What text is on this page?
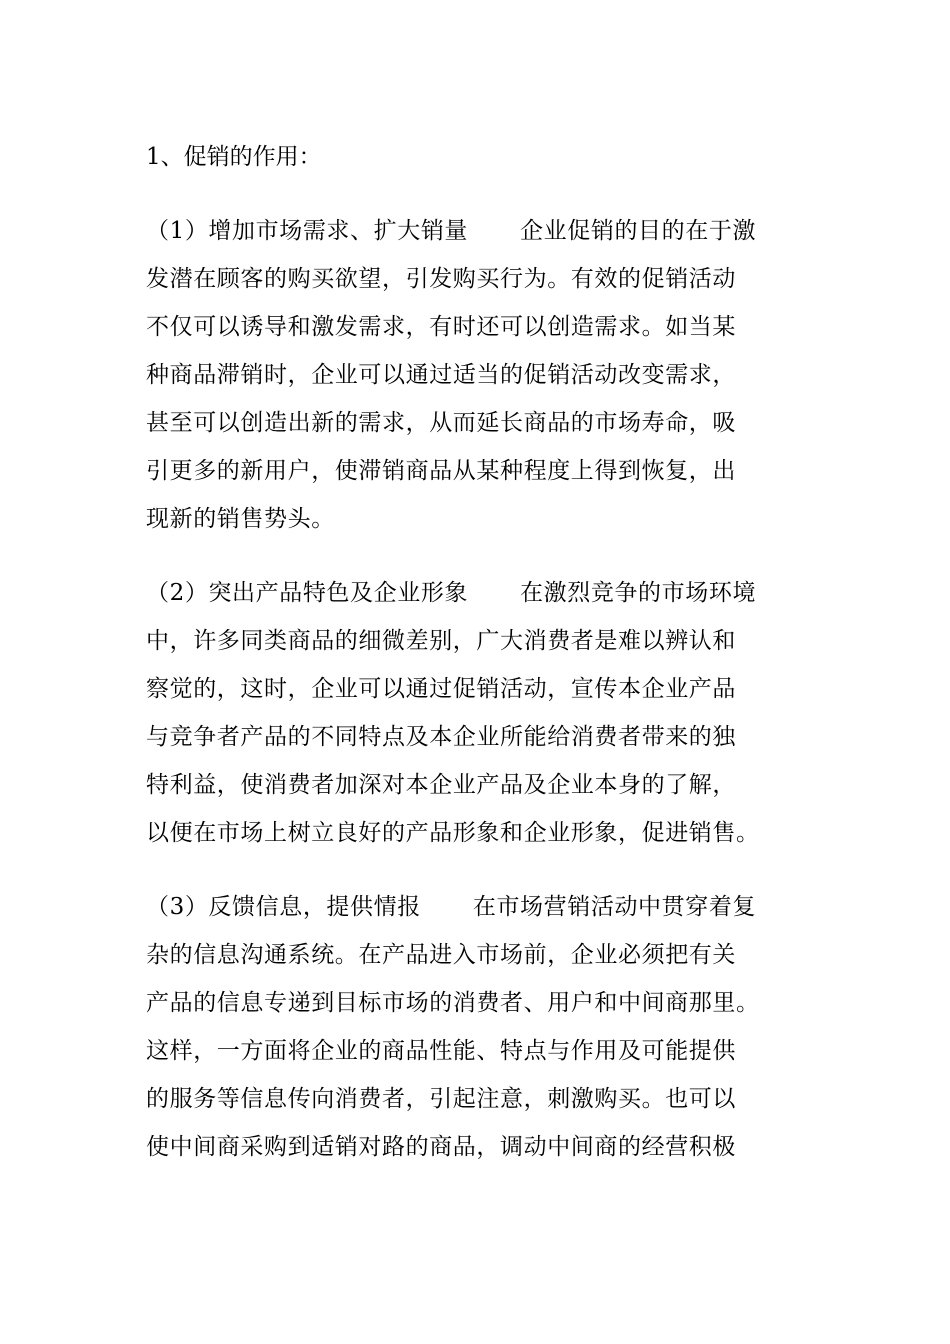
1、促销的作用：
（1）增加市场需求、扩大销量 企业促销的目的在于激
发潜在顾客的购买欲望，引发购买行为。有效的促销活动
不仅可以诱导和激发需求，有时还可以创造需求。如当某
种商品滞销时，企业可以通过适当的促销活动改变需求，
甚至可以创造出新的需求，从而延长商品的市场寿命，吸
引更多的新用户，使滞销商品从某种程度上得到恢复，出
现新的销售势头。
（2）突出产品特色及企业形象 在激烈竞争的市场环境
中，许多同类商品的细微差别，广大消费者是难以辨认和
察觉的，这时，企业可以通过促销活动，宣传本企业产品
与竞争者产品的不同特点及本企业所能给消费者带来的独
特利益，使消费者加深对本企业产品及企业本身的了解，
以便在市场上树立良好的产品形象和企业形象，促进销售。
（3）反馈信息，提供情报 在市场营销活动中贯穿着复
杂的信息沟通系统。在产品进入市场前，企业必须把有关
产品的信息专递到目标市场的消费者、用户和中间商那里。
这样，一方面将企业的商品性能、特点与作用及可能提供
的服务等信息传向消费者，引起注意，刺激购买。也可以
使中间商采购到适销对路的商品，调动中间商的经营积极
